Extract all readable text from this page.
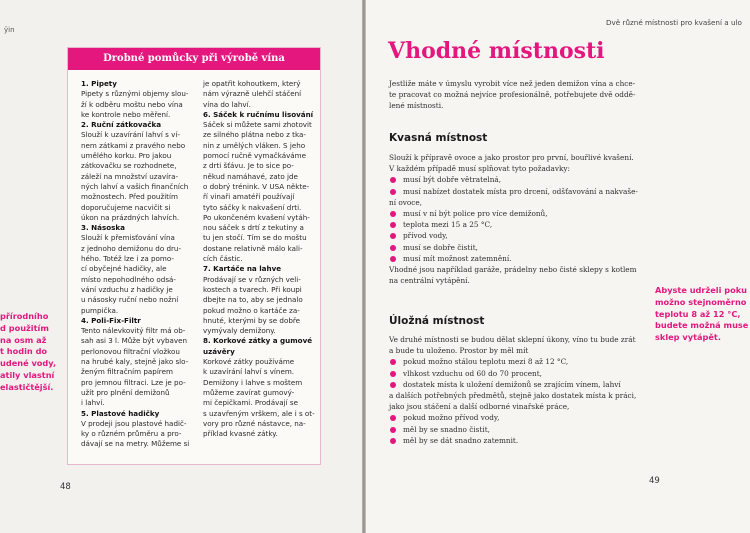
ÿin
přírodního
d použitím
na osm až
t hodin do
udené vody,
atily vlastní
elastičtější.
Drobné pomůcky při výrobě vína

1. Pipety

Pipety s různými objemy slou-

ží k odběru moštu nebo vína

ke kontrole nebo měření.

2. Ruční zátkovačka

Slouží k uzavírání lahví s ví-

nem zátkami z pravého nebo

umělého korku. Pro jakou

zátkovačku se rozhodnete,

záleží na množství uzavíra-

ných lahví a vašich finančních

možnostech. Před použitím

doporučujeme nacvičit si

úkon na prázdných lahvích.

3. Násoska

Slouží k přemisťování vína

z jednoho demižonu do dru-

hého. Totéž lze i za pomo-

cí obyčejné hadičky, ale

místo nepohodlného odsá-

vání vzduchu z hadičky je

u násosky ruční nebo nožní

pumpička.

4. Poli-Fix-Filtr

Tento nálevkovitý filtr má ob-

sah asi 3 l. Může být vybaven

perlonovou filtrační vložkou

na hrubé kaly, stejně jako slo-

ženým filtračním papírem

pro jemnou filtraci. Lze je po-

užít pro plnění demižonů

i lahví.

5. Plastové hadičky

V prodeji jsou plastové hadič-

ky o různém průměru a pro-

dávají se na metry. Můžeme si

je opatřit kohoutkem, který

nám výrazně ulehčí stáčení

vína do lahví.

6. Sáček k ručnímu lisování

Sáček si můžete sami zhotovit

ze silného plátna nebo z tka-

nin z umělých vláken. S jeho

pomocí ručně vymačkáváme

z drti šťávu. Je to sice po-

někud namáhavé, zato jde

o dobrý trénink. V USA někte-

ří vinaři amatéři používají

tyto sáčky k nakvašení drti.

Po ukončeném kvašení vytáh-

nou sáček s drtí z tekutiny a

tu jen stočí. Tím se do moštu

dostane relativně málo kali-

cích částic.

7. Kartáče na lahve

Prodávají se v různých veli-

kostech a tvarech. Při koupi

dbejte na to, aby se jednalo

pokud možno o kartáče za-

hnuté, kterými by se dobře

vymývaly demižony.

8. Korkové zátky a gumové

uzávěry

Korkové zátky používáme

k uzavírání lahví s vínem.

Demižony i lahve s moštem

můžeme zavírat gumový-

mi čepičkami. Prodávají se

s uzavřeným vrškem, ale i s ot-

vory pro různé nástavce, na-

příklad kvasné zátky.

48
Dvě různé místnosti pro kvašení a ulo
Vhodné místnosti

Jestliže máte v úmyslu vyrobit více než jeden demižon vína a chce-

te pracovat co možná nejvíce profesionálně, potřebujete dvě oddě-

lené místnosti.

Kvasná místnost

Slouží k přípravě ovoce a jako prostor pro první, bouřlivé kvašení.

V každém případě musí splňovat tyto požadavky:

musí být dobře větratelná,

musí nabízet dostatek místa pro drcení, odšťavování a nakvaše-

ní ovoce,

musí v ní být police pro více demižonů,

teplota mezi 15 a 25 °C,

přívod vody,

musí se dobře čistit,

musí mít možnost zatemnění.

Vhodné jsou například garáže, prádelny nebo čisté sklepy s kotlem

na centrální vytápění.

Úložná místnost

Ve druhé místnosti se budou dělat sklepní úkony, víno tu bude zrát

a bude tu uloženo. Prostor by měl mít

pokud možno stálou teplotu mezi 8 až 12 °C,

vlhkost vzduchu od 60 do 70 procent,

dostatek místa k uložení demižonů se zrajícím vínem, lahví

a dalších potřebných předmětů, stejně jako dostatek místa k práci,

jako jsou stáčení a další odborné vinařské práce,

pokud možno přívod vody,

měl by se snadno čistit,

měl by se dát snadno zatemnit.

Abyste udrželi poku
možno stejnoměrno
teplotu 8 až 12 °C,
budete možná muse
sklep vytápět.
49
